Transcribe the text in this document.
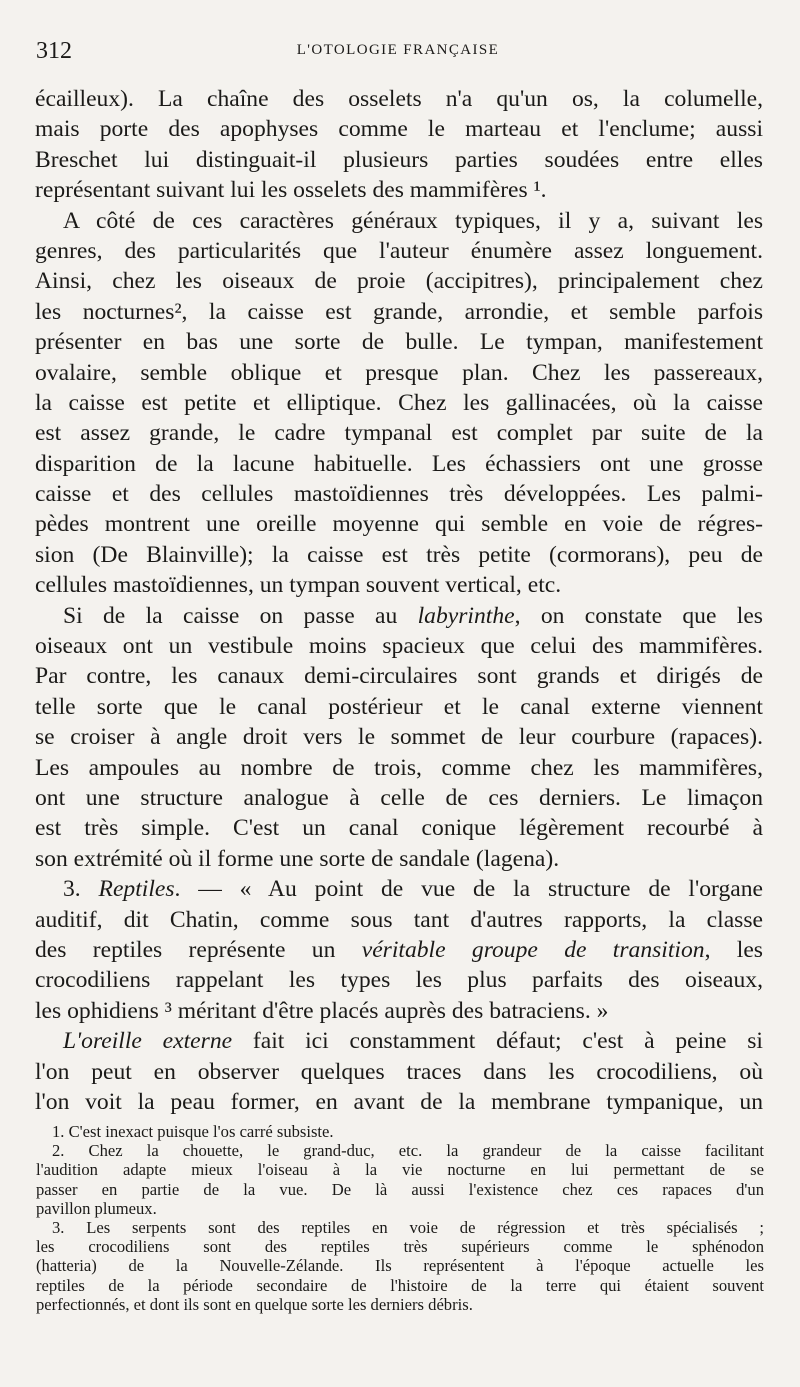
312	L'OTOLOGIE FRANÇAISE
écailleux). La chaîne des osselets n'a qu'un os, la columelle,
mais porte des apophyses comme le marteau et l'enclume; aussi
Breschet lui distinguait-il plusieurs parties soudées entre elles
représentant suivant lui les osselets des mammifères ¹.
A côté de ces caractères généraux typiques, il y a, suivant les
genres, des particularités que l'auteur énumère assez longuement.
Ainsi, chez les oiseaux de proie (accipitres), principalement chez
les nocturnes², la caisse est grande, arrondie, et semble parfois
présenter en bas une sorte de bulle. Le tympan, manifestement
ovalaire, semble oblique et presque plan. Chez les passereaux,
la caisse est petite et elliptique. Chez les gallinacées, où la caisse
est assez grande, le cadre tympanal est complet par suite de la
disparition de la lacune habituelle. Les échassiers ont une grosse
caisse et des cellules mastoïdiennes très développées. Les palmi-
pèdes montrent une oreille moyenne qui semble en voie de régres-
sion (De Blainville); la caisse est très petite (cormorans), peu de
cellules mastoïdiennes, un tympan souvent vertical, etc.
Si de la caisse on passe au labyrinthe, on constate que les
oiseaux ont un vestibule moins spacieux que celui des mammifères.
Par contre, les canaux demi-circulaires sont grands et dirigés de
telle sorte que le canal postérieur et le canal externe viennent
se croiser à angle droit vers le sommet de leur courbure (rapaces).
Les ampoules au nombre de trois, comme chez les mammifères,
ont une structure analogue à celle de ces derniers. Le limaçon
est très simple. C'est un canal conique légèrement recourbé à
son extrémité où il forme une sorte de sandale (lagena).
3. Reptiles. — « Au point de vue de la structure de l'organe
auditif, dit Chatin, comme sous tant d'autres rapports, la classe
des reptiles représente un véritable groupe de transition, les
crocodiliens rappelant les types les plus parfaits des oiseaux,
les ophidiens ³ méritant d'être placés auprès des batraciens. »
L'oreille externe fait ici constamment défaut; c'est à peine si
l'on peut en observer quelques traces dans les crocodiliens, où
l'on voit la peau former, en avant de la membrane tympanique, un
1. C'est inexact puisque l'os carré subsiste.
2. Chez la chouette, le grand-duc, etc. la grandeur de la caisse facilitant
l'audition adapte mieux l'oiseau à la vie nocturne en lui permettant de se
passer en partie de la vue. De là aussi l'existence chez ces rapaces d'un
pavillon plumeux.
3. Les serpents sont des reptiles en voie de régression et très spécialisés ;
les crocodiliens sont des reptiles très supérieurs comme le sphénodon
(hatteria) de la Nouvelle-Zélande. Ils représentent à l'époque actuelle les
reptiles de la période secondaire de l'histoire de la terre qui étaient souvent
perfectionnés, et dont ils sont en quelque sorte les derniers débris.
